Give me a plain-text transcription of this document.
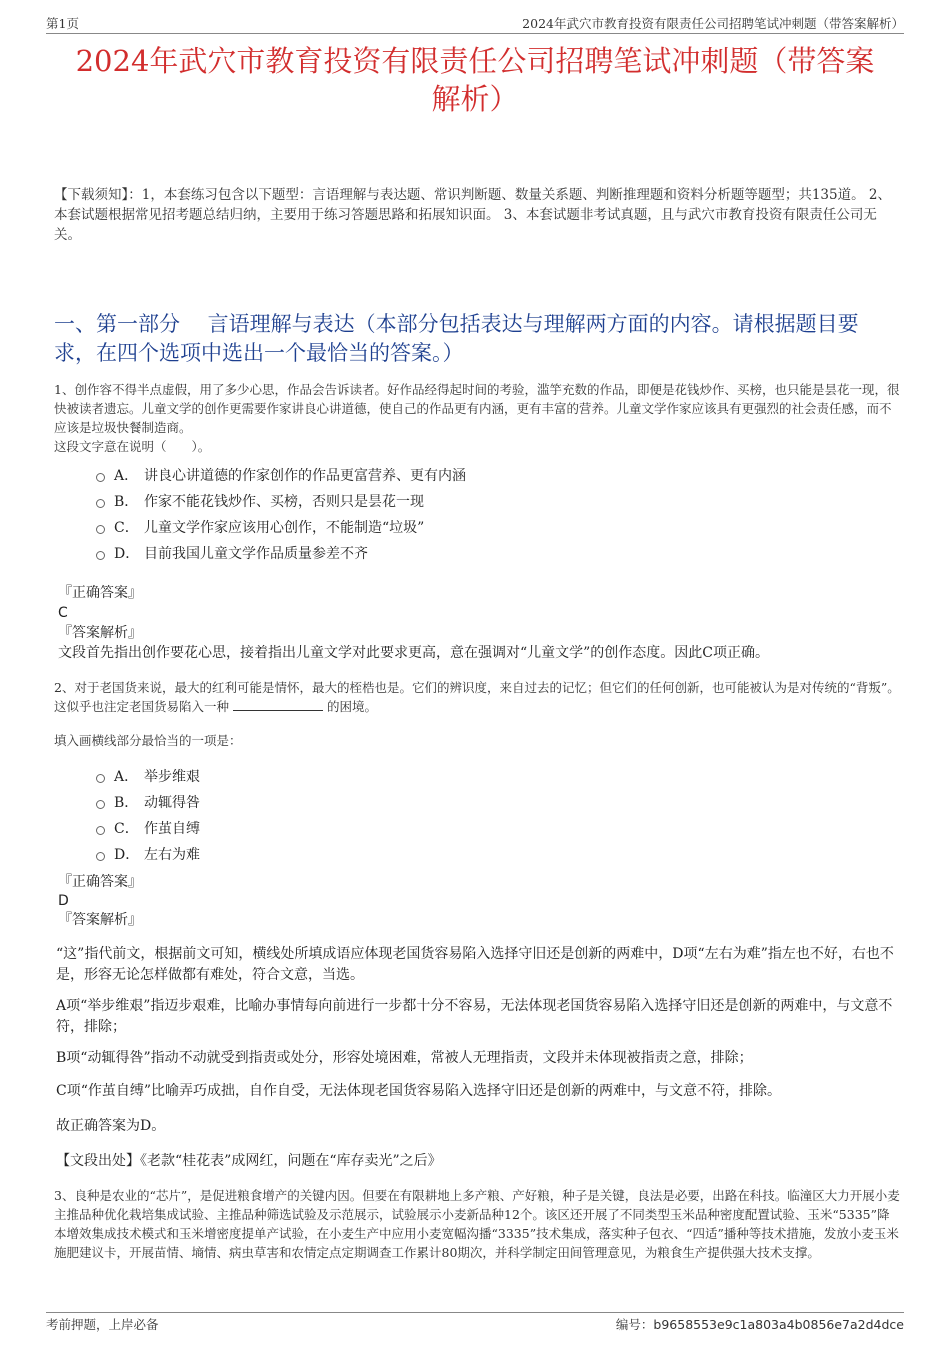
第1页	2024年武穴市教育投资有限责任公司招聘笔试冲刺题（带答案解析）
2024年武穴市教育投资有限责任公司招聘笔试冲刺题（带答案
解析）
【下载须知】：1，本套练习包含以下题型：言语理解与表达题、常识判断题、数量关系题、判断推理题和资料分析题等题型；共135道。 2、本套试题根据常见招考题总结归纳，主要用于练习答题思路和拓展知识面。 3、本套试题非考试真题，且与武穴市教育投资有限责任公司无关。
一、第一部分　 言语理解与表达（本部分包括表达与理解两方面的内容。请根据题目要求，在四个选项中选出一个最恰当的答案。）
1、创作容不得半点虚假，用了多少心思，作品会告诉读者。好作品经得起时间的考验，滥竽充数的作品，即便是花钱炒作、买榜，也只能是昙花一现，很快被读者遗忘。儿童文学的创作更需要作家讲良心讲道德，使自己的作品更有内涵，更有丰富的营养。儿童文学作家应该具有更强烈的社会责任感，而不应该是垃圾快餐制造商。
这段文字意在说明（　　）。
A． 讲良心讲道德的作家创作的作品更富营养、更有内涵
B． 作家不能花钱炒作、买榜，否则只是昙花一现
C． 儿童文学作家应该用心创作，不能制造“垃圾”
D． 目前我国儿童文学作品质量参差不齐
『正确答案』
C
『答案解析』
文段首先指出创作要花心思，接着指出儿童文学对此要求更高，意在强调对“儿童文学”的创作态度。因此C项正确。
2、对于老国货来说，最大的红利可能是情怀，最大的桎梏也是。它们的辨识度，来自过去的记忆；但它们的任何创新，也可能被认为是对传统的“背叛”。这似乎也注定老国货易陷入一种	的困境。
填入画横线部分最恰当的一项是：
A． 举步维艰
B． 动辄得咎
C． 作茧自缚
D． 左右为难
『正确答案』
D
『答案解析』
“这”指代前文，根据前文可知，横线处所填成语应体现老国货容易陷入选择守旧还是创新的两难中，D项“左右为难”指左也不好，右也不是，形容无论怎样做都有难处，符合文意，当选。
A项“举步维艰”指迈步艰难，比喻办事情每向前进行一步都十分不容易，无法体现老国货容易陷入选择守旧还是创新的两难中，与文意不符，排除；
B项“动辄得咎”指动不动就受到指责或处分，形容处境困难，常被人无理指责，文段并未体现被指责之意，排除；
C项“作茧自缚”比喻弄巧成拙，自作自受，无法体现老国货容易陷入选择守旧还是创新的两难中，与文意不符，排除。
故正确答案为D。
【文段出处】《老款“桂花表”成网红，问题在“库存卖光”之后》
3、良种是农业的“芯片”，是促进粮食增产的关键内因。但要在有限耕地上多产粮、产好粮，种子是关键，良法是必要，出路在科技。临潼区大力开展小麦主推品种优化栽培集成试验、主推品种筛选试验及示范展示，试验展示小麦新品种12个。该区还开展了不同类型玉米品种密度配置试验、玉米“5335”降本增效集成技术模式和玉米增密度提单产试验，在小麦生产中应用小麦宽幅沟播“3335”技术集成，落实种子包衣、“四适”播种等技术措施，发放小麦玉米施肥建议卡，开展苗情、墒情、病虫草害和农情定点定期调查工作累计80期次，并科学制定田间管理意见，为粮食生产提供强大技术支撑。
考前押题，上岸必备	编号：b9658553e9c1a803a4b0856e7a2d4dce
